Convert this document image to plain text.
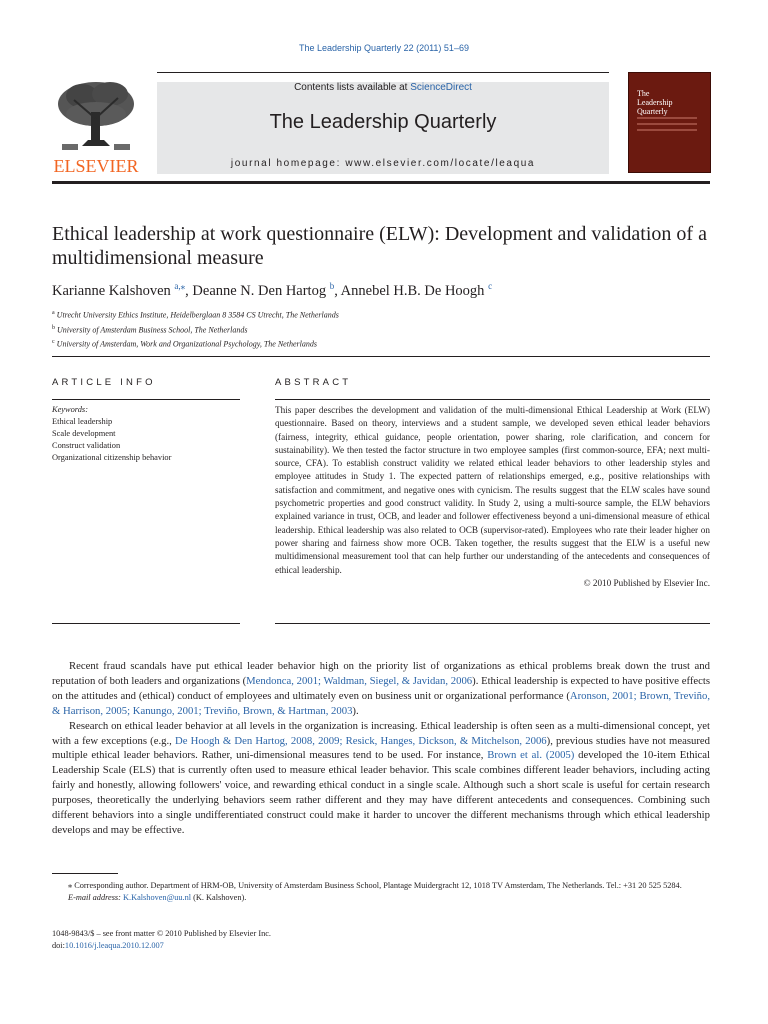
The Leadership Quarterly 22 (2011) 51–69
ELSEVIER
Contents lists available at ScienceDirect
The Leadership Quarterly
journal homepage: www.elsevier.com/locate/leaqua
The
Leadership
Quarterly
Ethical leadership at work questionnaire (ELW): Development and validation of a multidimensional measure
Karianne Kalshoven $^{a,⁎}$, Deanne N. Den Hartog $^b$, Annebel H.B. De Hoogh $^c$
$^a$ Utrecht University Ethics Institute, Heidelberglaan 8 3584 CS Utrecht, The Netherlands
$^b$ University of Amsterdam Business School, The Netherlands
$^c$ University of Amsterdam, Work and Organizational Psychology, The Netherlands
ARTICLE INFO	ABSTRACT
Keywords:
Ethical leadership
Scale development
Construct validation
Organizational citizenship behavior
This paper describes the development and validation of the multi-dimensional Ethical Leadership at Work (ELW) questionnaire. Based on theory, interviews and a student sample, we developed seven ethical leader behaviors (fairness, integrity, ethical guidance, people orientation, power sharing, role clarification, and concern for sustainability). We then tested the factor structure in two employee samples (first common-source, EFA; next multi-source, CFA). To establish construct validity we related ethical leader behaviors to other leadership styles and employee attitudes in Study 1. The expected pattern of relationships emerged, e.g., positive relationships with satisfaction and commitment, and negative ones with cynicism. The results suggest that the ELW scales have sound psychometric properties and good construct validity. In Study 2, using a multi-source sample, the ELW behaviors explained variance in trust, OCB, and leader and follower effectiveness beyond a uni-dimensional measure of ethical leadership. Ethical leadership was also related to OCB (supervisor-rated). Employees who rate their leader higher on power sharing and fairness show more OCB. Taken together, the results suggest that the ELW is a useful new multidimensional measurement tool that can help further our understanding of the antecedents and consequences of ethical leadership.
© 2010 Published by Elsevier Inc.

Recent fraud scandals have put ethical leader behavior high on the priority list of organizations as ethical problems break down the trust and reputation of both leaders and organizations (Mendonca, 2001; Waldman, Siegel, & Javidan, 2006). Ethical leadership is expected to have positive effects on the attitudes and (ethical) conduct of employees and ultimately even on business unit or organizational performance (Aronson, 2001; Brown, Treviño, & Harrison, 2005; Kanungo, 2001; Treviño, Brown, & Hartman, 2003).

Research on ethical leader behavior at all levels in the organization is increasing. Ethical leadership is often seen as a multi-dimensional concept, yet with a few exceptions (e.g., De Hoogh & Den Hartog, 2008, 2009; Resick, Hanges, Dickson, & Mitchelson, 2006), previous studies have not measured multiple ethical leader behaviors. Rather, uni-dimensional measures tend to be used. For instance, Brown et al. (2005) developed the 10-item Ethical Leadership Scale (ELS) that is currently often used to measure ethical leader behavior. This scale combines different leader behaviors, including acting fairly and honestly, allowing followers' voice, and rewarding ethical conduct in a single scale. Although such a short scale is useful for certain research purposes, theoretically the underlying behaviors seem rather different and they may have different antecedents and consequences. Combining such different behaviors into a single undifferentiated construct could make it harder to uncover the different mechanisms through which ethical leadership develops and may be effective.

⁎ Corresponding author. Department of HRM-OB, University of Amsterdam Business School, Plantage Muidergracht 12, 1018 TV Amsterdam, The Netherlands. Tel.: +31 20 525 5284.
E-mail address: K.Kalshoven@uu.nl (K. Kalshoven).
1048-9843/$ – see front matter © 2010 Published by Elsevier Inc.
doi:10.1016/j.leaqua.2010.12.007
